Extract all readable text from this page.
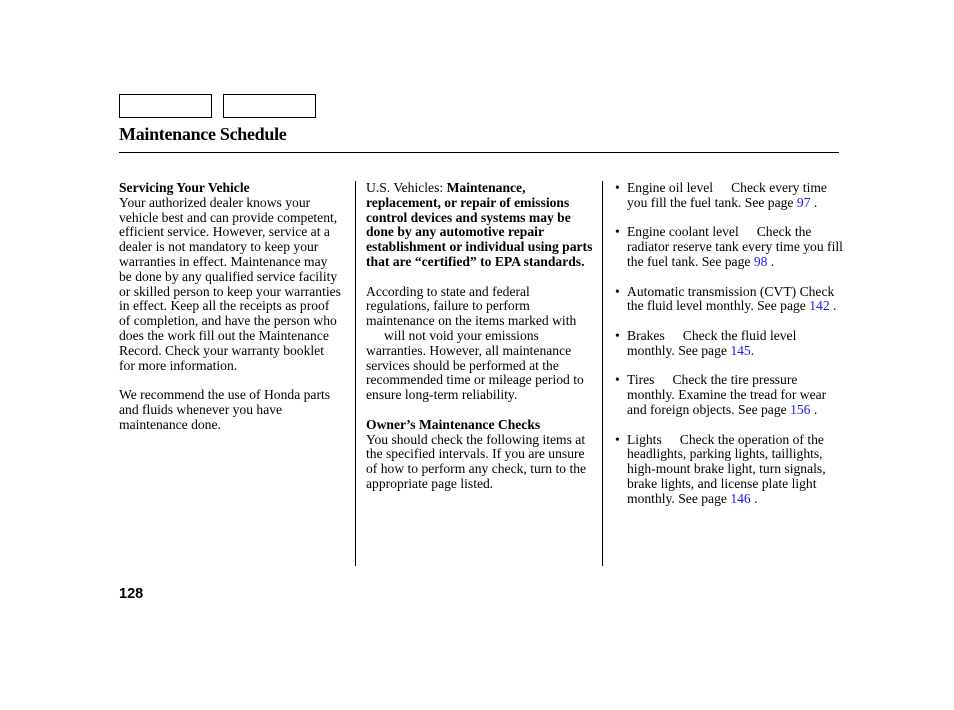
Maintenance Schedule

Servicing Your Vehicle

Your authorized dealer knows your vehicle best and can provide competent, efficient service. However, service at a dealer is not mandatory to keep your warranties in effect. Maintenance may be done by any qualified service facility or skilled person to keep your warranties in effect. Keep all the receipts as proof of completion, and have the person who does the work fill out the Maintenance Record. Check your warranty booklet for more information.

We recommend the use of Honda parts and fluids whenever you have maintenance done.

U.S. Vehicles: Maintenance, replacement, or repair of emissions control devices and systems may be done by any automotive repair establishment or individual using parts that are “certified” to EPA standards.

According to state and federal regulations, failure to perform maintenance on the items marked withwill not void your emissions warranties. However, all maintenance services should be performed at the recommended time or mileage period to ensure long-term reliability.

Owner’s Maintenance Checks

You should check the following items at the specified intervals. If you are unsure of how to perform any check, turn to the appropriate page listed.

• Engine oil level Check every time you fill the fuel tank. See page 97 .
• Engine coolant level Check the radiator reserve tank every time you fill the fuel tank. See page 98 .
• Automatic transmission (CVT) Check the fluid level monthly. See page 142 .
• Brakes Check the fluid level monthly. See page 145.
• Tires Check the tire pressure monthly. Examine the tread for wear and foreign objects. See page 156 .
• Lights Check the operation of the headlights, parking lights, taillights, high-mount brake light, turn signals, brake lights, and license plate light monthly. See page 146 .
128
